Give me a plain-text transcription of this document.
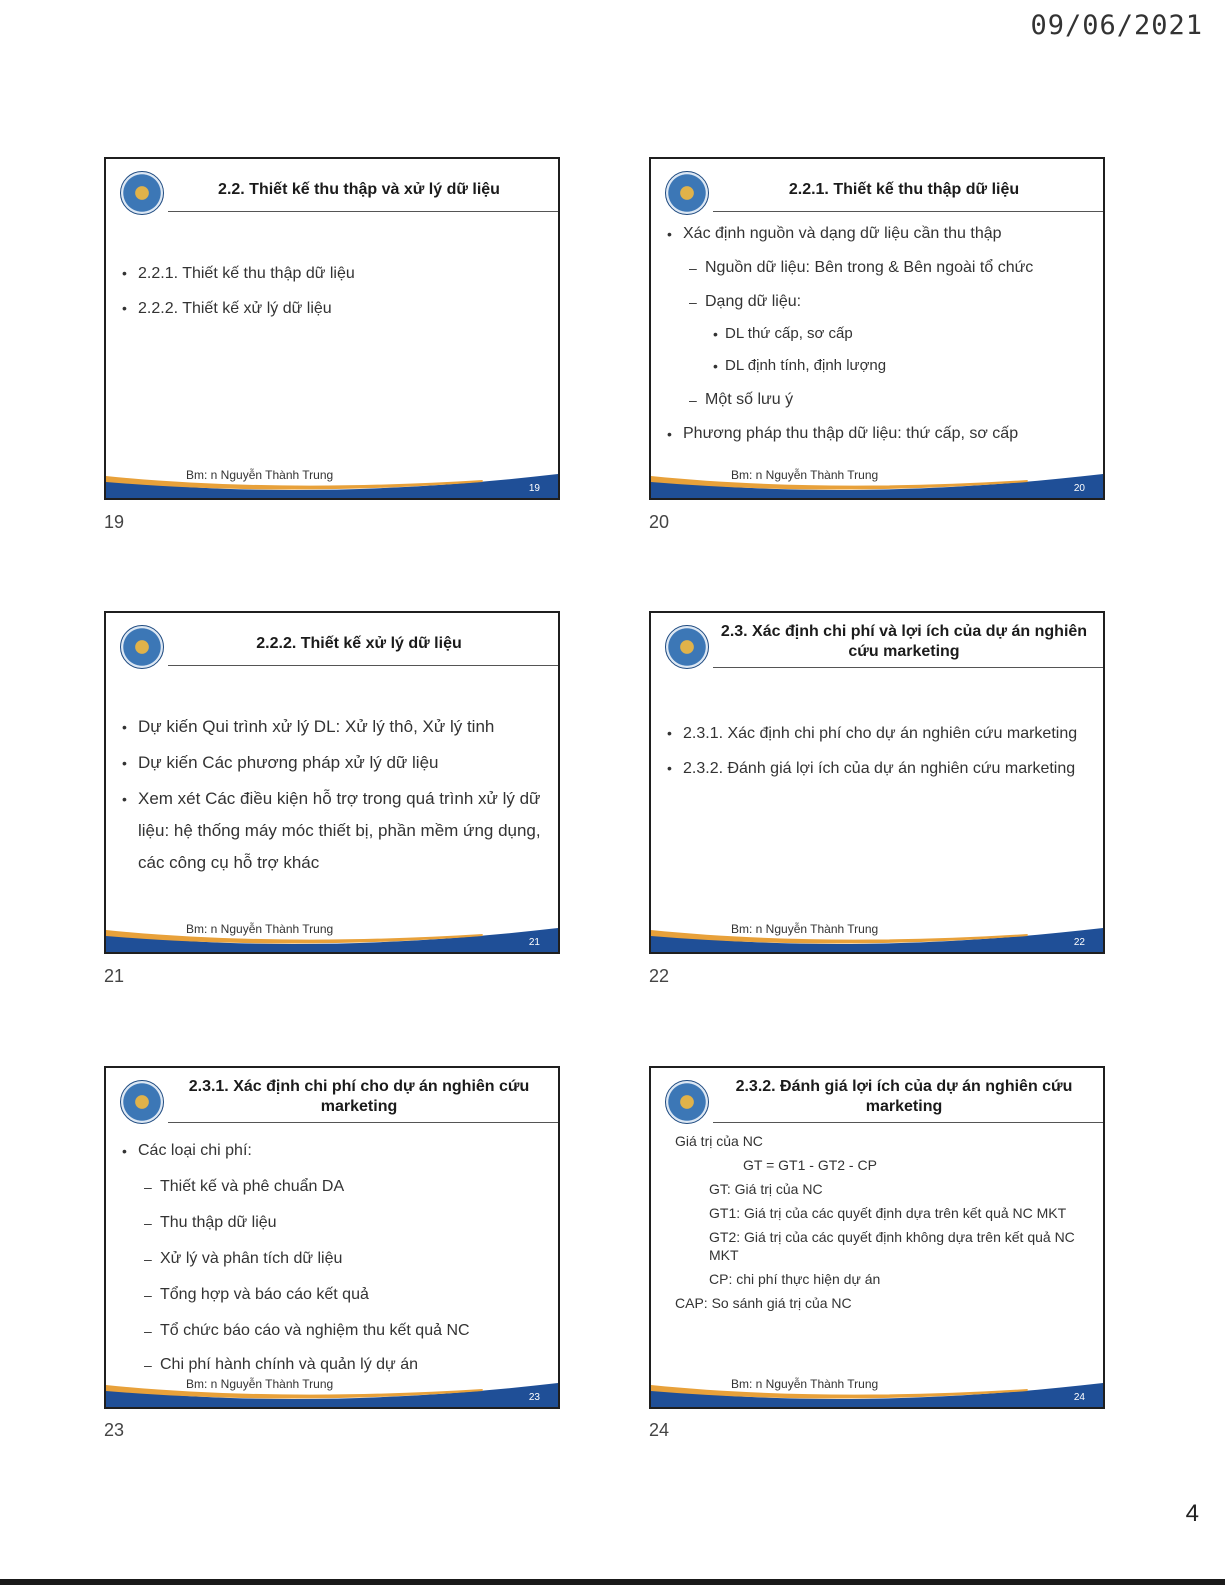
09/06/2021
2.2. Thiết kế thu thập và xử lý dữ liệu
• 2.2.1. Thiết kế thu thập dữ liệu
• 2.2.2. Thiết kế xử lý dữ liệu
Bm: n Nguyễn Thành Trung
19
19
2.2.1. Thiết kế thu thập dữ liệu
• Xác định nguồn và dạng dữ liệu cần thu thập
– Nguồn dữ liệu: Bên trong & Bên ngoài tổ chức
– Dạng dữ liệu:
• DL thứ cấp, sơ cấp
• DL định tính, định lượng
– Một số lưu ý
• Phương pháp thu thập dữ liệu: thứ cấp, sơ cấp
Bm: n Nguyễn Thành Trung
20
20
2.2.2. Thiết kế xử lý dữ liệu
• Dự kiến Qui trình xử lý DL: Xử lý thô, Xử lý tinh
• Dự kiến Các phương pháp xử lý dữ liệu
• Xem xét Các điều kiện hỗ trợ trong quá trình xử lý dữ liệu: hệ thống máy móc thiết bị, phần mềm ứng dụng, các công cụ hỗ trợ khác
Bm: n Nguyễn Thành Trung
21
21
2.3. Xác định chi phí và lợi ích của dự án nghiên cứu marketing
• 2.3.1. Xác định chi phí cho dự án nghiên cứu marketing
• 2.3.2. Đánh giá lợi ích của dự án nghiên cứu marketing
Bm: n Nguyễn Thành Trung
22
22
2.3.1. Xác định chi phí cho dự án nghiên cứu marketing
• Các loại chi phí:
– Thiết kế và phê chuẩn DA
– Thu thập dữ liệu
– Xử lý và phân tích dữ liệu
– Tổng hợp và báo cáo kết quả
– Tổ chức báo cáo và nghiệm thu kết quả NC
– Chi phí hành chính và quản lý dự án
Bm: n Nguyễn Thành Trung
23
23
2.3.2. Đánh giá lợi ích của dự án nghiên cứu marketing
Giá trị của NC
GT = GT1 - GT2 - CP
GT: Giá trị của NC
GT1: Giá trị của các quyết định dựa trên kết quả NC MKT
GT2: Giá trị của các quyết định không dựa trên kết quả NC MKT
CP: chi phí thực hiện dự án
CAP: So sánh giá trị của NC
Bm: n Nguyễn Thành Trung
24
24
4
